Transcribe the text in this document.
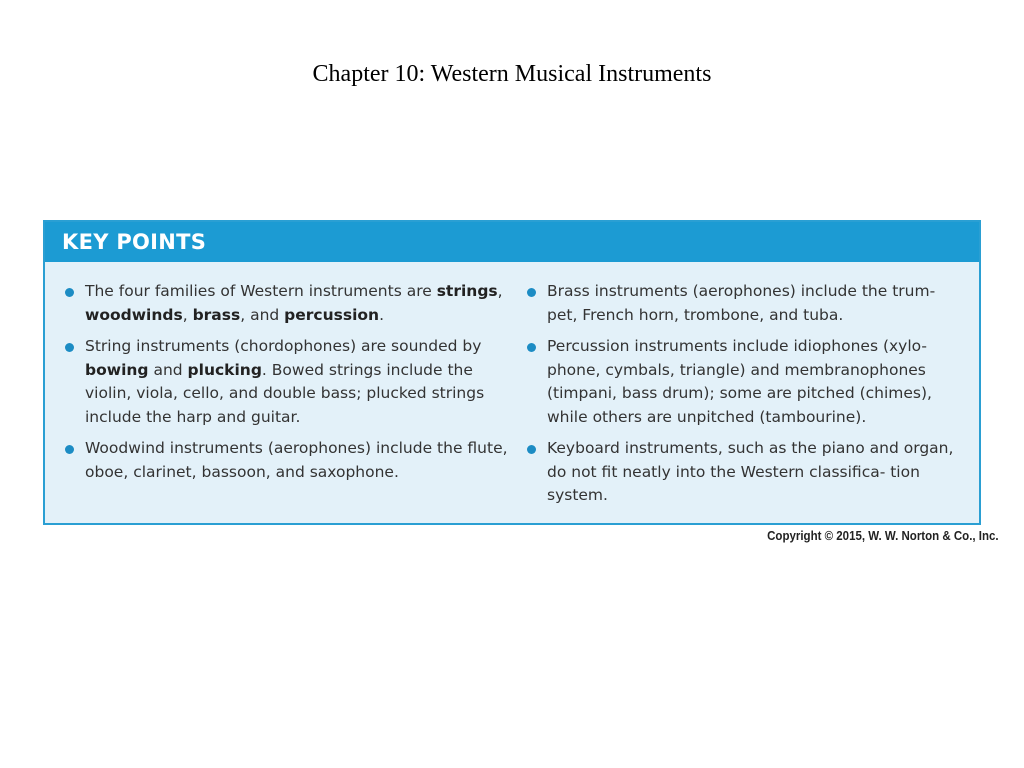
Chapter 10: Western Musical Instruments
KEY POINTS
The four families of Western instruments are strings, woodwinds, brass, and percussion.
String instruments (chordophones) are sounded by bowing and plucking. Bowed strings include the violin, viola, cello, and double bass; plucked strings include the harp and guitar.
Woodwind instruments (aerophones) include the flute, oboe, clarinet, bassoon, and saxophone.
Brass instruments (aerophones) include the trum- pet, French horn, trombone, and tuba.
Percussion instruments include idiophones (xylo- phone, cymbals, triangle) and membranophones (timpani, bass drum); some are pitched (chimes), while others are unpitched (tambourine).
Keyboard instruments, such as the piano and organ, do not fit neatly into the Western classifica- tion system.
Copyright © 2015, W. W. Norton & Co., Inc.
